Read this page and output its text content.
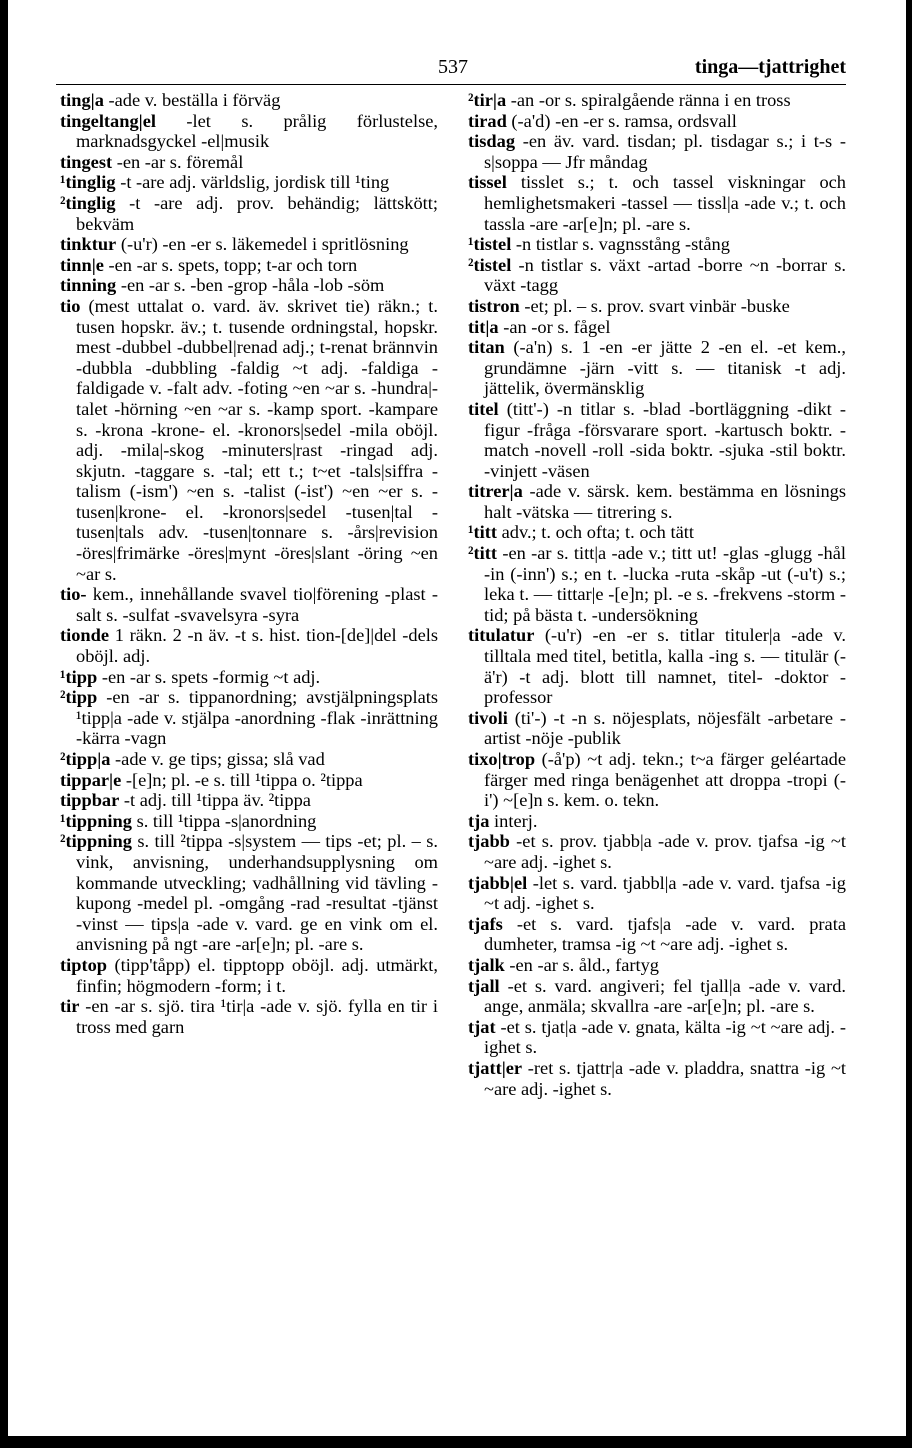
537	tinga—tjattrighet

ting|a -ade v. beställa i förväg

tingeltang|el -let s. prålig förlustelse, marknadsgyckel -el|musik

tingest -en -ar s. föremål

¹tinglig -t -are adj. världslig, jordisk till ¹ting

²tinglig -t -are adj. prov. behändig; lättskött; bekväm

tinktur (-u'r) -en -er s. läkemedel i spritlösning

tinn|e -en -ar s. spets, topp; t-ar och torn

tinning -en -ar s. -ben -grop -håla -lob -söm

tio (mest uttalat o. vard. äv. skrivet tie) räkn.; t. tusen hopskr. äv.; t. tusende ordningstal, hopskr. mest -dubbel -dubbel|renad adj.; t-renat brännvin -dubbla -dubbling -faldig ~t adj. -faldiga -faldigade v. -falt adv. -foting ~en ~ar s. -hundra|-talet -hörning ~en ~ar s. -kamp sport. -kampare s. -krona -krone- el. -kronors|sedel -mila oböjl. adj. -mila|-skog -minuters|rast -ringad adj. skjutn. -taggare s. -tal; ett t.; t~et -tals|siffra -talism (-ism') ~en s. -talist (-ist') ~en ~er s. -tusen|krone- el. -kronors|sedel -tusen|tal -tusen|tals adv. -tusen|tonnare s. -års|revision -öres|frimärke -öres|mynt -öres|slant -öring ~en ~ar s.

tio- kem., innehållande svavel tio|förening -plast -salt s. -sulfat -svavelsyra -syra

tionde 1 räkn. 2 -n äv. -t s. hist. tion-[de]|del -dels oböjl. adj.

¹tipp -en -ar s. spets -formig ~t adj.

²tipp -en -ar s. tippanordning; avstjälpningsplats ¹tipp|a -ade v. stjälpa -anordning -flak -inrättning -kärra -vagn

²tipp|a -ade v. ge tips; gissa; slå vad

tippar|e -[e]n; pl. -e s. till ¹tippa o. ²tippa

tippbar -t adj. till ¹tippa äv. ²tippa

¹tippning s. till ¹tippa -s|anordning

²tippning s. till ²tippa -s|system — tips -et; pl. – s. vink, anvisning, underhandsupplysning om kommande utveckling; vadhållning vid tävling -kupong -medel pl. -omgång -rad -resultat -tjänst -vinst — tips|a -ade v. vard. ge en vink om el. anvisning på ngt -are -ar[e]n; pl. -are s.

tiptop (tipp'tåpp) el. tipptopp oböjl. adj. utmärkt, finfin; högmodern -form; i t.

tir -en -ar s. sjö. tira ¹tir|a -ade v. sjö. fylla en tir i tross med garn

²tir|a -an -or s. spiralgående ränna i en tross

tirad (-a'd) -en -er s. ramsa, ordsvall

tisdag -en äv. vard. tisdan; pl. tisdagar s.; i t-s -s|soppa — Jfr måndag

tissel tisslet s.; t. och tassel viskningar och hemlighetsmakeri -tassel — tissl|a -ade v.; t. och tassla -are -ar[e]n; pl. -are s.

¹tistel -n tistlar s. vagnsstång -stång

²tistel -n tistlar s. växt -artad -borre ~n -borrar s. växt -tagg

tistron -et; pl. – s. prov. svart vinbär -buske

tit|a -an -or s. fågel

titan (-a'n) s. 1 -en -er jätte 2 -en el. -et kem., grundämne -järn -vitt s. — titanisk -t adj. jättelik, övermänsklig

titel (titt'-) -n titlar s. -blad -bortläggning -dikt -figur -fråga -försvarare sport. -kartusch boktr. -match -novell -roll -sida boktr. -sjuka -stil boktr. -vinjett -väsen

titrer|a -ade v. särsk. kem. bestämma en lösnings halt -vätska — titrering s.

¹titt adv.; t. och ofta; t. och tätt

²titt -en -ar s. titt|a -ade v.; titt ut! -glas -glugg -hål -in (-inn') s.; en t. -lucka -ruta -skåp -ut (-u't) s.; leka t. — tittar|e -[e]n; pl. -e s. -frekvens -storm -tid; på bästa t. -undersökning

titulatur (-u'r) -en -er s. titlar tituler|a -ade v. tilltala med titel, betitla, kalla -ing s. — titulär (-ä'r) -t adj. blott till namnet, titel- -doktor -professor

tivoli (ti'-) -t -n s. nöjesplats, nöjesfält -arbetare -artist -nöje -publik

tixo|trop (-å'p) ~t adj. tekn.; t~a färger geléartade färger med ringa benägenhet att droppa -tropi (-i') ~[e]n s. kem. o. tekn.

tja interj.

tjabb -et s. prov. tjabb|a -ade v. prov. tjafsa -ig ~t ~are adj. -ighet s.

tjabb|el -let s. vard. tjabbl|a -ade v. vard. tjafsa -ig ~t adj. -ighet s.

tjafs -et s. vard. tjafs|a -ade v. vard. prata dumheter, tramsa -ig ~t ~are adj. -ighet s.

tjalk -en -ar s. åld., fartyg

tjall -et s. vard. angiveri; fel tjall|a -ade v. vard. ange, anmäla; skvallra -are -ar[e]n; pl. -are s.

tjat -et s. tjat|a -ade v. gnata, kälta -ig ~t ~are adj. -ighet s.

tjatt|er -ret s. tjattr|a -ade v. pladdra, snattra -ig ~t ~are adj. -ighet s.
